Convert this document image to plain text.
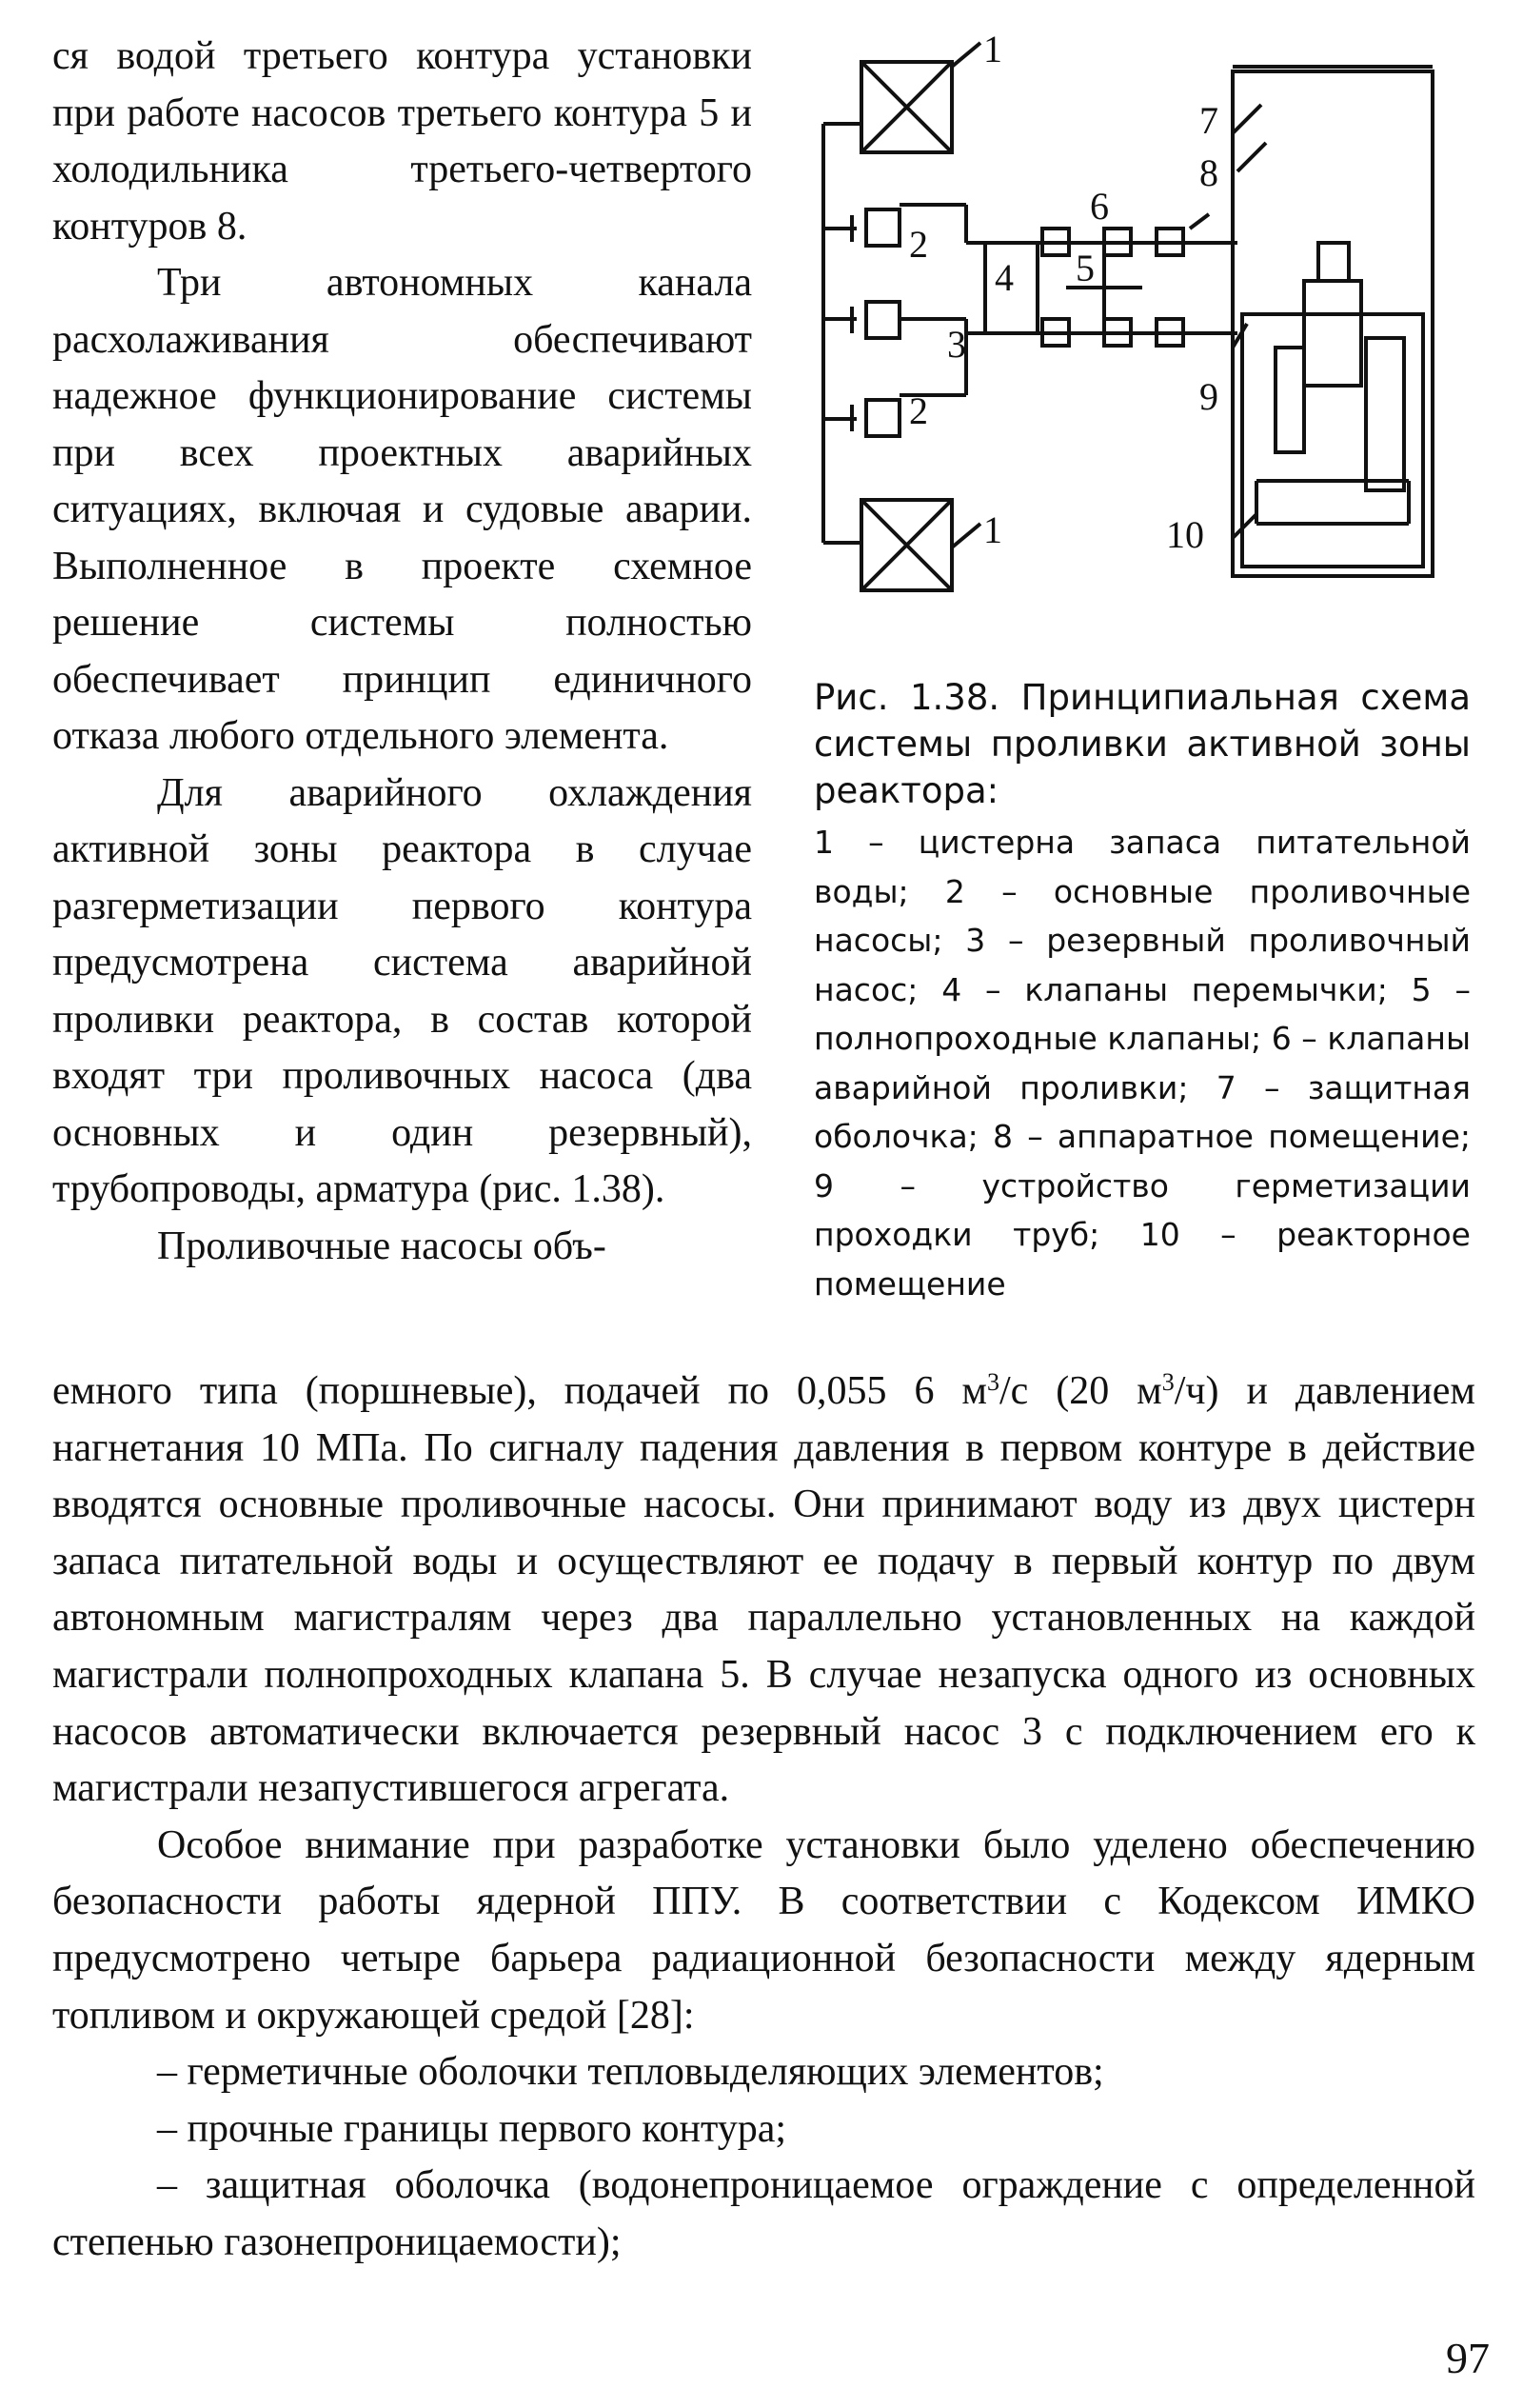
ся водой третьего контура установки при работе насосов третьего контура 5 и холодильника третьего-четвертого контуров 8.

Три автономных канала расхолаживания обеспечивают надежное функционирование системы при всех проектных аварийных ситуациях, включая и судовые аварии. Выполненное в проекте схемное решение системы полностью обеспечивает принцип единичного отказа любого отдельного элемента.

Для аварийного охлаждения активной зоны реактора в случае разгерметизации первого контура предусмотрена система аварийной проливки реактора, в состав которой входят три проливочных насоса (два основных и один резервный), трубопроводы, арматура (рис. 1.38).

Проливочные насосы объ-

1
1
2
2
3
4 5
6
7
8
9
10

Рис. 1.38. Принципиальная схема системы проливки активной зоны реактора:

1 – цистерна запаса питательной воды; 2 – основные проливочные насосы; 3 – резервный проливочный насос; 4 – клапаны перемычки; 5 – полнопроходные клапаны; 6 – клапаны аварийной проливки; 7 – защитная оболочка; 8 – аппаратное помещение; 9 – устройство герметизации проходки труб; 10 – реакторное помещение

емного типа (поршневые), подачей по 0,055 6 $м^3/с$ (20 $м^3/ч$) и давлением нагнетания 10 МПа. По сигналу падения давления в первом контуре в действие вводятся основные проливочные насосы. Они принимают воду из двух цистерн запаса питательной воды и осуществляют ее подачу в первый контур по двум автономным магистралям через два параллельно установленных на каждой магистрали полнопроходных клапана 5. В случае незапуска одного из основных насосов автоматически включается резервный насос 3 с подключением его к магистрали незапустившегося агрегата.

Особое внимание при разработке установки было уделено обеспечению безопасности работы ядерной ППУ. В соответствии с Кодексом ИМКО предусмотрено четыре барьера радиационной безопасности между ядерным топливом и окружающей средой [28]:

– герметичные оболочки тепловыделяющих элементов;

– прочные границы первого контура;

– защитная оболочка (водонепроницаемое ограждение с определенной степенью газонепроницаемости);

97
